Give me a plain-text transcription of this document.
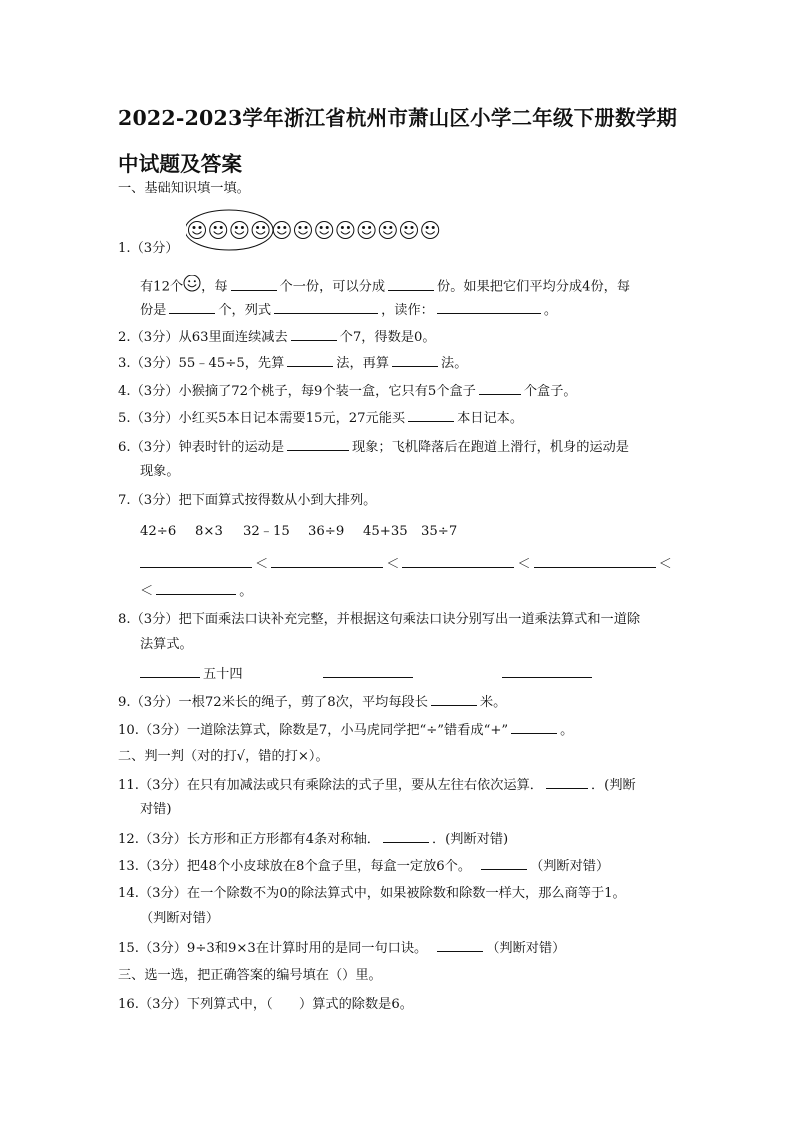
2022-2023学年浙江省杭州市萧山区小学二年级下册数学期中试题及答案
一、基础知识填一填。
1.（3分）
有12个 ，每	个一份，可以分成	份。如果把它们平均分成4份，每
份是	个，列式	，读作：	。
2.（3分）从63里面连续减去	个7，得数是0。
3.（3分）55﹣45÷5，先算	法，再算	法。
4.（3分）小猴摘了72个桃子，每9个装一盒，它只有5个盒子	个盒子。
5.（3分）小红买5本日记本需要15元，27元能买	本日记本。
6.（3分）钟表时针的运动是	现象；飞机降落后在跑道上滑行，机身的运动是
现象。
7.（3分）把下面算式按得数从小到大排列。
42÷6 8×3 32﹣15 36÷9 45+35 35÷7
＜	＜	＜	＜
＜	。
8.（3分）把下面乘法口诀补充完整，并根据这句乘法口诀分别写出一道乘法算式和一道除
法算式。
五十四
9.（3分）一根72米长的绳子，剪了8次，平均每段长	米。
10.（3分）一道除法算式，除数是7，小马虎同学把“÷”错看成“+”	。
二、判一判（对的打√，错的打×）。
11.（3分）在只有加减法或只有乘除法的式子里，要从左往右依次运算．	．(判断
对错)
12.（3分）长方形和正方形都有4条对称轴．	．(判断对错)
13.（3分）把48个小皮球放在8个盒子里，每盒一定放6个。	（判断对错）
14.（3分）在一个除数不为0的除法算式中，如果被除数和除数一样大，那么商等于1。
（判断对错）
15.（3分）9÷3和9×3在计算时用的是同一句口诀。	（判断对错）
三、选一选，把正确答案的编号填在（）里。
16.（3分）下列算式中，（　　）算式的除数是6。
